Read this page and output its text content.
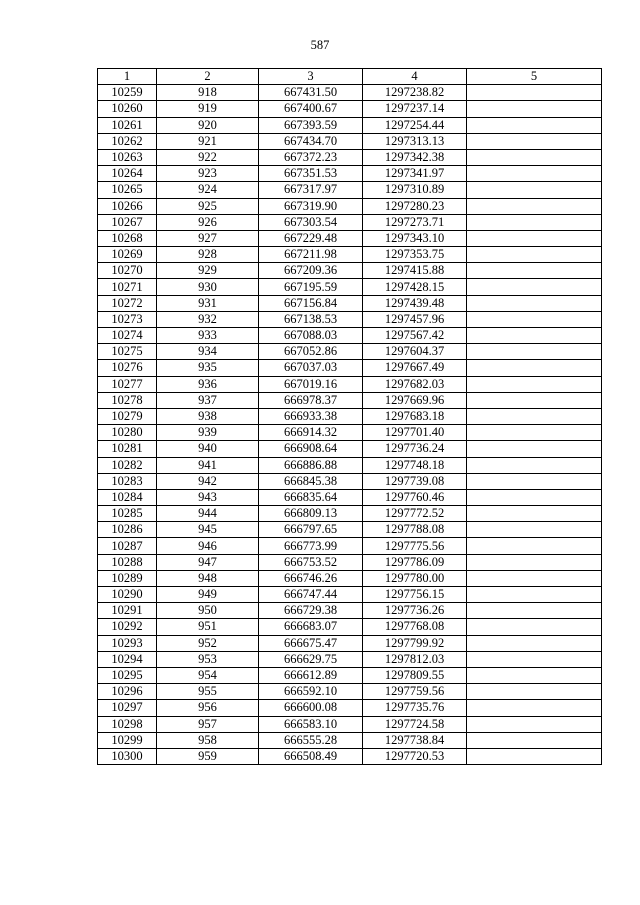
587
1	2	3	4	5
10259	918	667431.50	1297238.82	
10260	919	667400.67	1297237.14	
10261	920	667393.59	1297254.44	
10262	921	667434.70	1297313.13	
10263	922	667372.23	1297342.38	
10264	923	667351.53	1297341.97	
10265	924	667317.97	1297310.89	
10266	925	667319.90	1297280.23	
10267	926	667303.54	1297273.71	
10268	927	667229.48	1297343.10	
10269	928	667211.98	1297353.75	
10270	929	667209.36	1297415.88	
10271	930	667195.59	1297428.15	
10272	931	667156.84	1297439.48	
10273	932	667138.53	1297457.96	
10274	933	667088.03	1297567.42	
10275	934	667052.86	1297604.37	
10276	935	667037.03	1297667.49	
10277	936	667019.16	1297682.03	
10278	937	666978.37	1297669.96	
10279	938	666933.38	1297683.18	
10280	939	666914.32	1297701.40	
10281	940	666908.64	1297736.24	
10282	941	666886.88	1297748.18	
10283	942	666845.38	1297739.08	
10284	943	666835.64	1297760.46	
10285	944	666809.13	1297772.52	
10286	945	666797.65	1297788.08	
10287	946	666773.99	1297775.56	
10288	947	666753.52	1297786.09	
10289	948	666746.26	1297780.00	
10290	949	666747.44	1297756.15	
10291	950	666729.38	1297736.26	
10292	951	666683.07	1297768.08	
10293	952	666675.47	1297799.92	
10294	953	666629.75	1297812.03	
10295	954	666612.89	1297809.55	
10296	955	666592.10	1297759.56	
10297	956	666600.08	1297735.76	
10298	957	666583.10	1297724.58	
10299	958	666555.28	1297738.84	
10300	959	666508.49	1297720.53	
